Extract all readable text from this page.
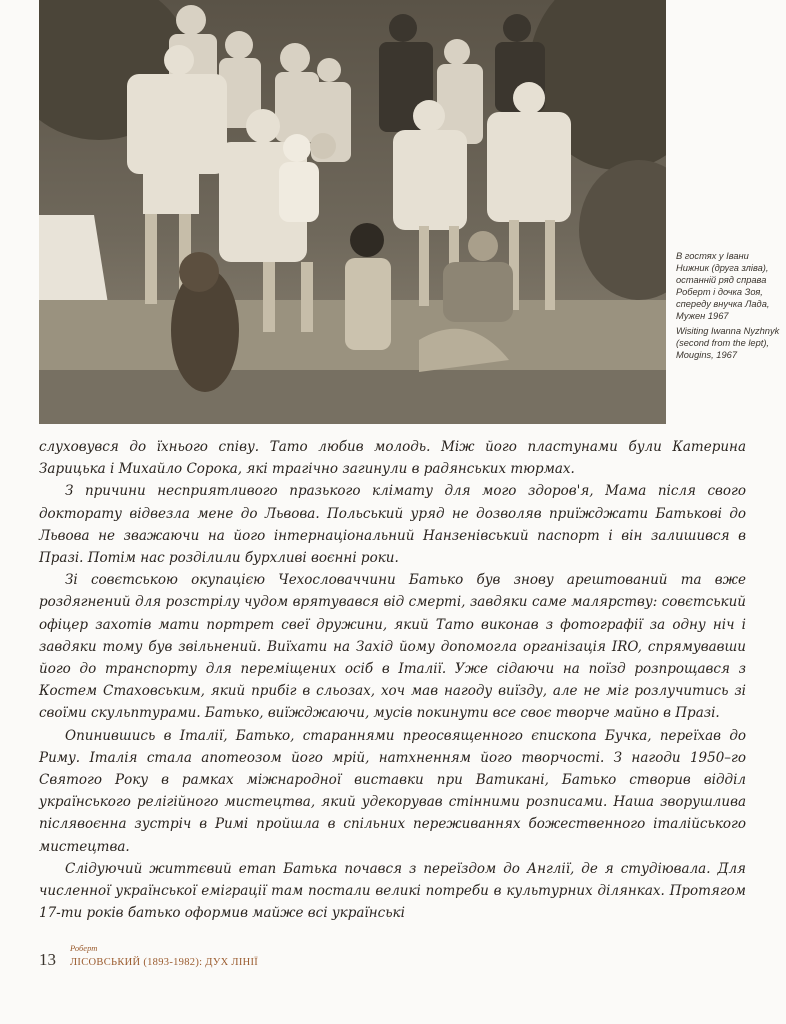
В гостях у Івани Нижник (друга зліва), останній ряд справа Роберт і дочка Зоя, спереду внучка Лада, Мужен 1967

Wisiting Iwanna Nyzhnyk (second from the lept), Mougins, 1967

слуховувся до їхнього співу. Тато любив молодь. Між його пластунами були Катерина Зарицька і Михайло Сорока, які трагічно загинули в радянських тюрмах.

З причини несприятливого празького клімату для мого здоров'я, Мама після свого докторату відвезла мене до Львова. Польський уряд не дозволяв приїжджати Батькові до Львова не зважаючи на його інтернаціональний Нанзенівський паспорт і він залишився в Празі. Потім нас розділили бурхливі воєнні роки.

Зі совєтською окупацією Чехословаччини Батько був знову арештований та вже роздягнений для розстрілу чудом врятувався від смерті, завдяки саме малярству: совєтський офіцер захотів мати портрет свеї дружини, який Тато виконав з фотографії за одну ніч і завдяки тому був звільнений. Виїхати на Захід йому допомогла організація IRO, спрямувавши його до транспорту для переміщених осіб в Італії. Уже сідаючи на поїзд розпрощався з Костем Стаховським, який прибіг в сльозах, хоч мав нагоду виїзду, але не міг розлучитись зі своїми скульптурами. Батько, виїжджаючи, мусів покинути все своє творче майно в Празі.

Опинившись в Італії, Батько, стараннями преосвященного єпископа Бучка, переїхав до Риму. Італія стала апотеозом його мрій, натхненням його творчості. З нагоди 1950–го Святого Року в рамках міжнародної виставки при Ватикані, Батько створив відділ українського релігійного мистецтва, який удекорував стінними розписами. Наша зворушлива післявоєнна зустріч в Римі пройшла в спільних переживаннях божественного італійського мистецтва.

Слідуючий життєвий етап Батька почався з переїздом до Англії, де я студіювала. Для численної української еміграції там постали великі потреби в культурних ділянках. Протягом 17-ти років батько оформив майже всі українські

13
Роберт
ЛІСОВСЬКИЙ (1893-1982): ДУХ ЛІНІЇ
